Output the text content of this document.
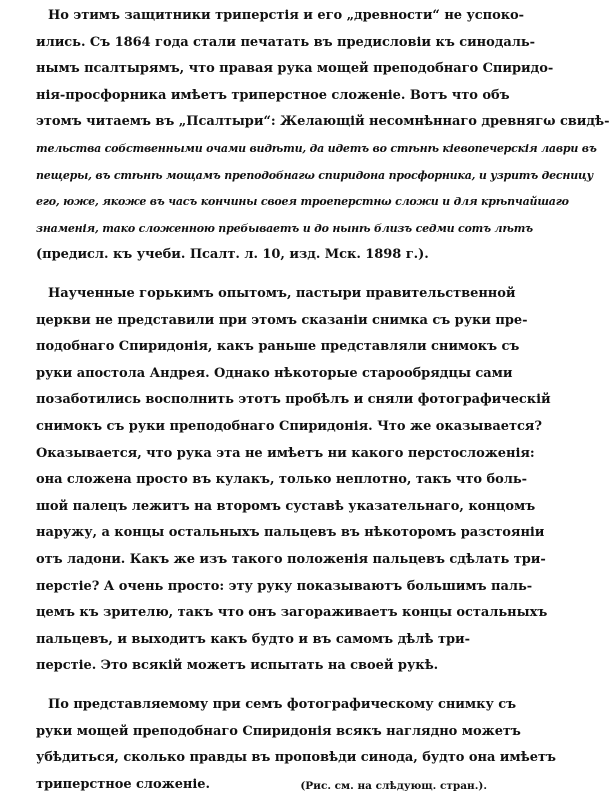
Но этимъ защитники триперстія и его „древности“ не успоко-

ились. Съ 1864 года стали печатать въ предисловіи къ синодаль-

нымъ псалтырямъ, что правая рука мощей преподобнаго Спиридо-

нія-просфорника имѣетъ триперстное сложеніе. Вотъ что объ

этомъ читаемъ въ „Псалтыри“: Желающій несомнѣннаго древнягω свидѣ-

тельства собственными очами видѣти, да идетъ во стѣнѣ кіевопечерскія лаври въ

пещеры, въ стѣнѣ мощамъ преподобнагω спиридона просфорника, и узритъ десницу

его, юже, якоже въ часъ кончины своея троеперстнω сложи и для крѣпчайшаго

знаменія, тако сложенною пребываетъ и до нынѣ близъ седми сотъ лѣтъ

(предисл. къ учеби. Псалт. л. 10, изд. Мск. 1898 г.).

Наученные горькимъ опытомъ, пастыри правительственной

церкви не представили при этомъ сказаніи снимка съ руки пре-

подобнаго Спиридонія, какъ раньше представляли снимокъ съ

руки апостола Андрея. Однако нѣкоторые старообрядцы сами

позаботились восполнить этотъ пробѣлъ и сняли фотографическій

снимокъ съ руки преподобнаго Спиридонія. Что же оказывается?

Оказывается, что рука эта не имѣетъ ни какого перстосложенія:

она сложена просто въ кулакъ, только неплотно, такъ что боль-

шой палецъ лежитъ на второмъ суставѣ указательнаго, концомъ

наружу, а концы остальныхъ пальцевъ въ нѣкоторомъ разстояніи

отъ ладони. Какъ же изъ такого положенія пальцевъ сдѣлать три-

перстіе? А очень просто: эту руку показываютъ большимъ паль-

цемъ къ зрителю, такъ что онъ загораживаетъ концы остальныхъ

пальцевъ, и выходитъ какъ будто и въ самомъ дѣлѣ три-

перстіе. Это всякій можетъ испытать на своей рукѣ.

По представляемому при семъ фотографическому снимку съ

руки мощей преподобнаго Спиридонія всякъ наглядно можетъ

убѣдиться, сколько правды въ проповѣди синода, будто она имѣетъ

триперстное сложеніе.	(Рис. см. на слѣдующ. стран.).
